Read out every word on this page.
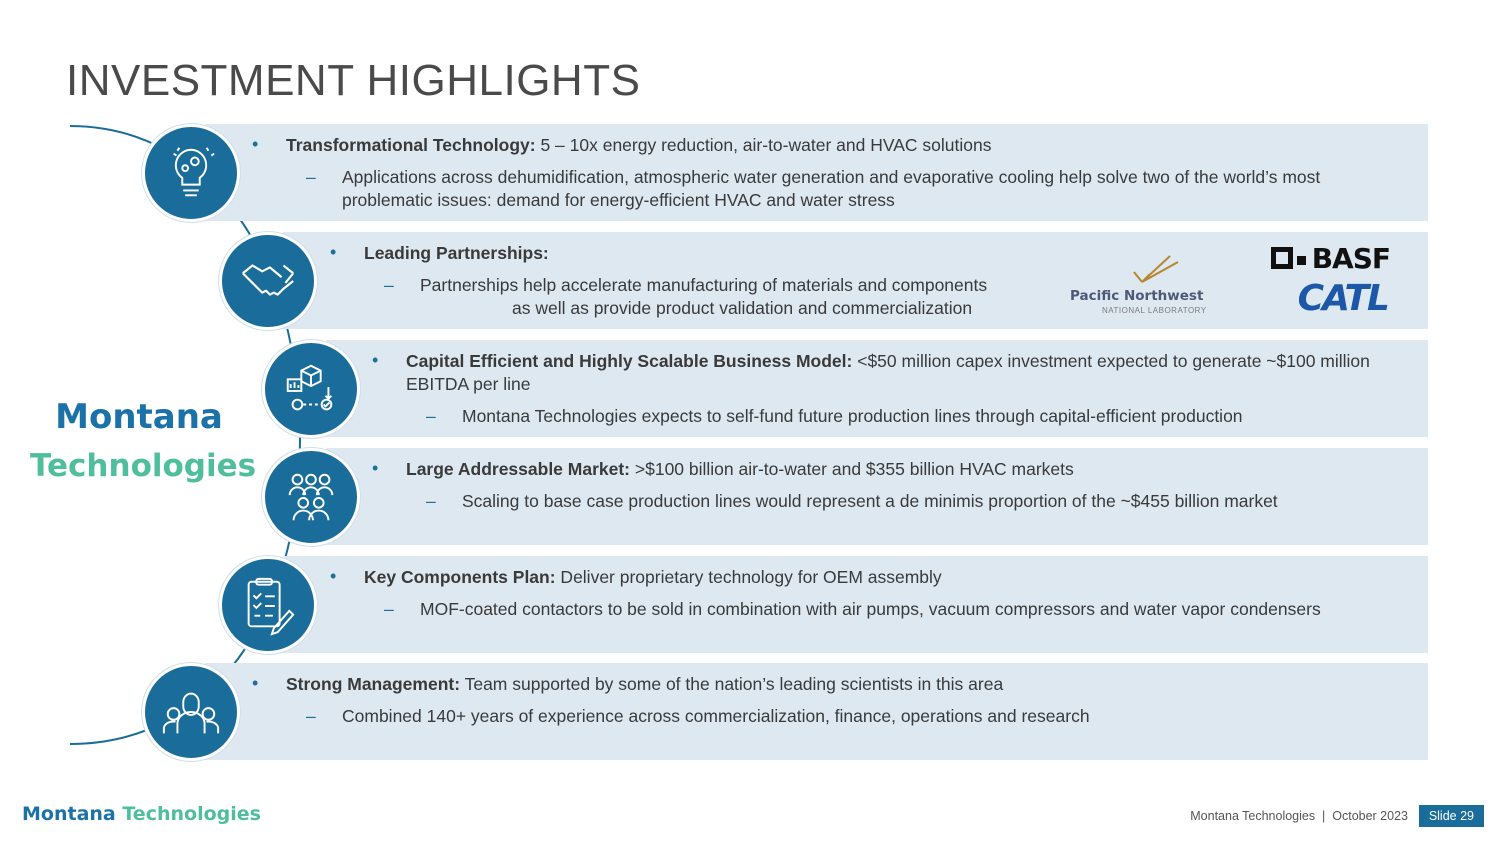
INVESTMENT HIGHLIGHTS
• Transformational Technology: 5 – 10x energy reduction, air-to-water and HVAC solutions
– Applications across dehumidification, atmospheric water generation and evaporative cooling help solve two of the world’s most problematic issues: demand for energy-efficient HVAC and water stress
• Leading Partnerships:
– Partnerships help accelerate manufacturing of materials and components
as well as provide product validation and commercialization
Pacific Northwest
NATIONAL LABORATORY
BASF
CATL
• Capital Efficient and Highly Scalable Business Model: <$50 million capex investment expected to generate ~$100 million EBITDA per line
– Montana Technologies expects to self-fund future production lines through capital-efficient production
• Large Addressable Market: >$100 billion air-to-water and $355 billion HVAC markets
– Scaling to base case production lines would represent a de minimis proportion of the ~$455 billion market
• Key Components Plan: Deliver proprietary technology for OEM assembly
– MOF-coated contactors to be sold in combination with air pumps, vacuum compressors and water vapor condensers
• Strong Management: Team supported by some of the nation’s leading scientists in this area
– Combined 140+ years of experience across commercialization, finance, operations and research
Montana
Technologies
Montana Technologies	Montana Technologies  |  October 2023	Slide 29
